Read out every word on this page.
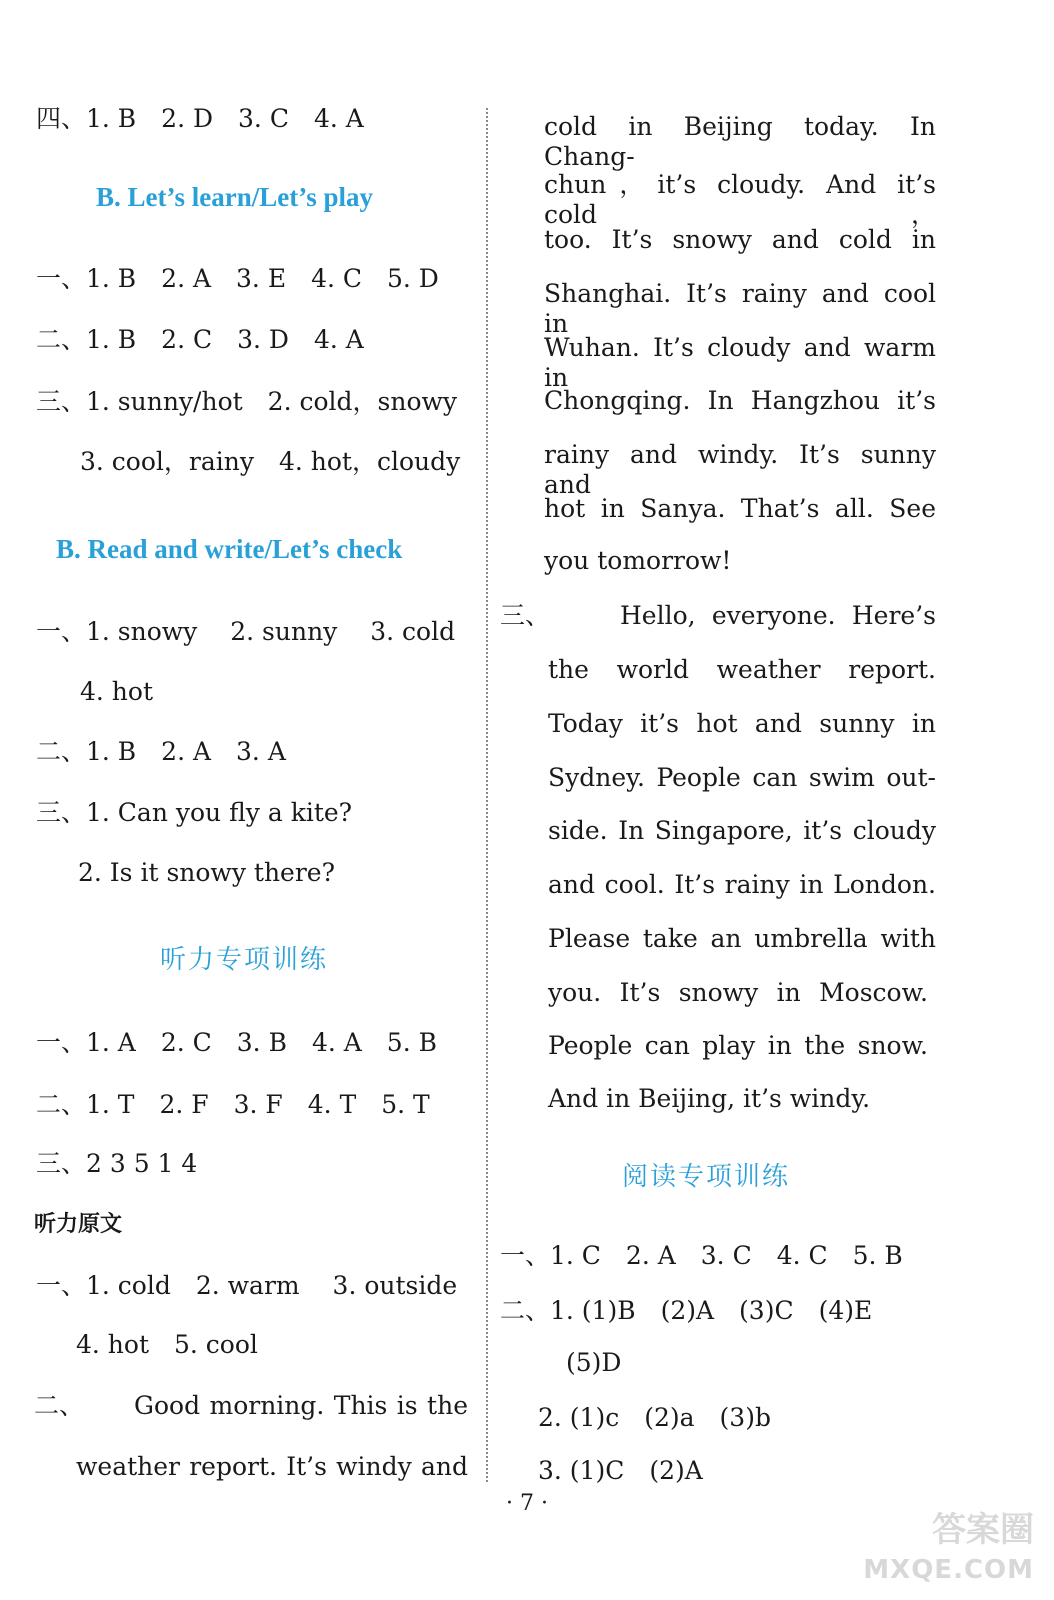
四、1. B　2. D　3. C　4. A
B. Let’s learn/Let’s play
一、1. B　2. A　3. E　4. C　5. D
二、1. B　2. C　3. D　4. A
三、1. sunny/hot　2. cold，snowy
3. cool，rainy　4. hot，cloudy
B. Read and write/Let’s check
一、1. snowy　 2. sunny　 3. cold
4. hot
二、1. B　2. A　3. A
三、1. Can you fly a kite?
2. Is it snowy there?
听力专项训练
一、1. A　2. C　3. B　4. A　5. B
二、1. T　2. F　3. F　4. T　5. T
三、2 3 5 1 4
听力原文
一、1. cold　2. warm　 3. outside
4. hot　5. cool
二、 Good morning. This is the
weather report. It’s windy and
cold in Beijing today. In Chang-
chun，it’s cloudy. And it’s cold，
too. It’s snowy and cold in
Shanghai. It’s rainy and cool in
Wuhan. It’s cloudy and warm in
Chongqing. In Hangzhou it’s
rainy and windy. It’s sunny and
hot in Sanya. That’s all. See
you tomorrow!
三、	Hello, everyone. Here’s
the world weather report.
Today it’s hot and sunny in
Sydney. People can swim out-
side. In Singapore, it’s cloudy
and cool. It’s rainy in London.
Please take an umbrella with
you. It’s snowy in Moscow.
People can play in the snow.
And in Beijing, it’s windy.
阅读专项训练
一、1. C　2. A　3. C　4. C　5. B
二、1. (1)B　(2)A　(3)C　(4)E
(5)D
2. (1)c　(2)a　(3)b
3. (1)C　(2)A
· 7 ·
答案圈
MXQE.COM
